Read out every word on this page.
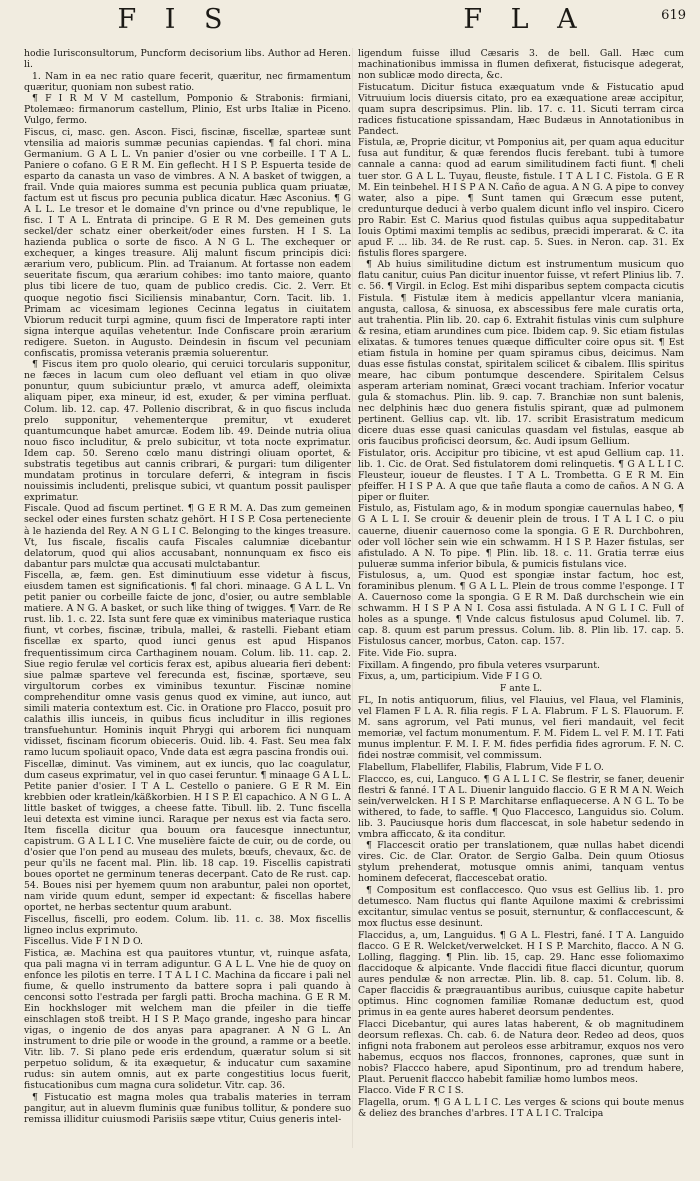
F I S	F L A	619

hodie Iurisconsultorum, Puncform decisorium libs. Author ad Heren. li.

1. Nam in ea nec ratio quare fecerit, quæritur, nec firmamentum quæritur, quoniam non subest ratio.

¶ F I R M V M castellum, Pomponio & Strabonis: firmiani, Ptolemæo: firmanorum castellum, Plinio, Est urbs Italiæ in Piceno. Vulgo, fermo.

Fiscus, ci, masc. gen. Ascon. Fisci, fiscinæ, fiscellæ, sparteæ sunt vtensilia ad maioris summæ pecunias capiendas. ¶ fal chori. mina Germanium. G A L L. Vn panier d'osier ou vne corbeille. I T A L. Paniere o cofano. G E R M. Ein geflecht. H I S P. Espuerta teside de esparto da canasta un vaso de vimbres. A N. A basket of twiggen, a frail. Vnde quia maiores summa est pecunia publica quam priuatæ, factum est ut fiscus pro pecunia publica dicatur. Hæc Asconius. ¶ G A L L. Le tresor et le domaine d'vn prince ou d'vne republique, le fisc. I T A L. Entrata di principe. G E R M. Des gemeinen guts seckel/der schatz einer oberkeit/oder eines fursten. H I S. La hazienda publica o sorte de fisco. A N G L. The exchequer or exchequer, a kinges treasure. Alij malunt fiscum principis dici: ærarium vero, publicum. Plin. ad Traianum. At fortasse non eadem seueritate fiscum, qua ærarium cohibes: imo tanto maiore, quanto plus tibi licere de tuo, quam de publico credis. Cic. 2. Verr. Et quoque negotio fisci Siciliensis minabantur, Corn. Tacit. lib. 1. Primam ac vicesimam legiones Cecinna legatus in ciuitatem Vbiorum reducit turpi agmine, quum fisci de Imperatore rapti inter signa interque aquilas vehetentur. Inde Confiscare proin ærarium redigere. Sueton. in Augusto. Deindesin in fiscum vel pecuniam confiscatis, promissa veteranis præmia soluerentur.

¶ Fiscus item pro quolo oleario, qui ceruici torcularis supponitur, ne fæces in lacum cum oleo defluant vel etiam in quo olivæ ponuntur, quum subiciuntur prælo, vt amurca adeff, oleimixta aliquam piper, exa mineur, id est, exuder, & per vimina perfluat. Colum. lib. 12. cap. 47. Pollenio discribrat, & in quo fiscus includa prelo supponitur, vehementerque premitur, vt exuderet quantumcunque habet amurcæ. Eodem lib. 49. Deinde nutria oliua nouo fisco includitur, & prelo subicitur, vt tota nocte exprimatur. Idem cap. 50. Sereno cœlo manu distringi oliuam oportet, & substratis tegetibus aut cannis cribrari, & purgari: tum diligenter mundatam protinus in torculare deferri, & integram in fiscis nouissimis includenti, prelisque subici, vt quantum possit paulisper exprimatur.

Fiscale. Quod ad fiscum pertinet. ¶ G E R M. A. Das zum gemeinen seckel oder eines fursten schatz gehört. H I S P. Cosa perteneciente à le hazienda del Rey. A N G L I C. Belonging to the kinges treasure. Vt, Ius fiscale, fiscalis caufa Fiscales calumniæ dicebantur delatorum, quod qui alios accusabant, nonnunquam ex fisco eis dabantur pars mulctæ qua accusati mulctabantur.

Fiscella, æ, fæm. gen. Est diminutiuum esse videtur à fiscus, eiusdem tamen est significationis. ¶ fal chori. minaage. G A L L. Vn petit panier ou corbeille faicte de jonc, d'osier, ou autre semblable matiere. A N G. A basket, or such like thing of twigges. ¶ Varr. de Re rust. lib. 1. c. 22. Ista sunt fere quæ ex viminibus materiaque rustica fiunt, vt corbes, fiscinæ, tribula, mallei, & rastelli. Fiebant etiam fiscellæ ex sparto, quod iunci genus est apud Hispanos frequentissimum circa Carthaginem nouam. Colum. lib. 11. cap. 2. Siue regio ferulæ vel corticis ferax est, apibus aluearia fieri debent: siue palmæ sparteve vel ferecunda est, fiscinæ, sportæve, seu virgultorum corbes ex viminibus texuntur. Fiscinæ nomine comprehenditur omne vasis genus quod ex vimine, aut iunco, aut simili materia contextum est. Cic. in Oratione pro Flacco, posuit pro calathis illis iunceis, in quibus ficus includitur in illis regiones transfuehuntur. Hominis inquit Phrygi qui arborem fici nunquam vidisset, fiscinam ficorum obieceris. Ouid. lib. 4. Fast. Seu mea falx ramo lucum spoliauit opaco, Vnde data est ægra pascina frondis oui.

Fiscellæ, diminut. Vas viminem, aut ex iuncis, quo lac coagulatur, dum caseus exprimatur, vel in quo casei feruntur. ¶ minaage G A L L. Petite panier d'osier. I T A L. Cestello o paniere. G E R M. Ein krebbien oder kratlein/käßkorbien. H I S P. El capachico. A N G L. A little basket of twigges, a cheese fatte. Tibull. lib. 2. Tunc fiscella leui detexta est vimine iunci. Raraque per nexus est via facta sero. Item fiscella dicitur qua bouum ora faucesque innectuntur, capistrum. G A L L I C. Vne muselière faicte de cuir, ou de corde, ou d'osier que l'on pend au museau des mulets, bœufs, chevaux, &c. de peur qu'ils ne facent mal. Plin. lib. 18 cap. 19. Fiscellis capistrati boues oportet ne germinum teneras decerpant. Cato de Re rust. cap. 54. Boues nisi per hyemem quum non arabuntur, palei non oportet, nam viride quum edunt, semper id expectant: & fiscellas habere oportet, ne herbas sectentur quum arabunt.

Fiscellus, fiscelli, pro eodem. Colum. lib. 11. c. 38. Mox fiscellis ligneo inclus exprimuto.

Fiscellus. Vide F I N D O.

Fistica, æ. Machina est qua pauitores vtuntur, vt, ruinque asfata, qua pali magna vi in terram adiguntur. G A L L. Vne hie de quoy on enfonce les pilotis en terre. I T A L I C. Machina da ficcare i pali nel fiume, & quello instrumento da battere sopra i pali quando à cenconsi sotto l'estrada per fargli patti. Brocha machina. G E R M. Ein hockhsloger mit welchem man die pfeiler in die tieffe einschlagen stoß treibt. H I S P. Maço grande, ingesho para hincar vigas, o ingenio de dos anyas para apagraner. A N G L. An instrument to drie pile or woode in the ground, a ramme or a beetle. Vitr. lib. 7. Si plano pede eris erdendum, quæratur solum si sit perpetuo solidum, & ita exæquetur, & inducatur cum saxamine rudus: sin autem omnis, aut ex parte congestitius locus fuerit, fistucationibus cum magna cura solidetur. Vitr. cap. 36.

¶ Fistucatio est magna moles qua trabalis materies in terram pangitur, aut in aluevm fluminis quæ funibus tollitur, & pondere suo remissa illiditur cuiusmodi Parisiis sæpe vtitur, Cuius generis intel-

ligendum fuisse illud Cæsaris 3. de bell. Gall. Hæc cum machinationibus immissa in flumen defixerat, fistucisque adegerat, non sublicæ modo directa, &c.

Fistucatum. Dicitur fistuca exæquatum vnde & Fistucatio apud Vitruuium locis diuersis citato, pro ea exæquatione areæ accipitur, quam supra descripsimus. Plin. lib. 17. c. 11. Sicuti terram circa radices fistucatione spissandam, Hæc Budæus in Annotationibus in Pandect.

Fistula, æ, Proprie dicitur, vt Pomponius ait, per quam aqua educitur fusa aut funditur, & quæ ferendos flucis ferebant. tubi à tumore cannale a canna: quod ad earum similitudinem facti fiunt. ¶ cheli tuer stor. G A L L. Tuyau, fleuste, fistule. I T A L I C. Fistola. G E R M. Ein teinbehel. H I S P A N. Caño de agua. A N G. A pipe to convey water, also a pipe. ¶ Sunt tamen qui Græcum esse putent, credunturque deduci à verbo qualem dicunt inflo vel inspiro. Cicero pro Rabir. Est C. Marius quod fistulas quibus aqua suppeditabatur Iouis Optimi maximi templis ac sedibus, præcidi imperarat. & C. ita apud F. ... lib. 34. de Re rust. cap. 5. Sues. in Neron. cap. 31. Ex fistulis flores spargere.

¶ Ab huius similitudine dictum est instrumentum musicum quo flatu canitur, cuius Pan dicitur inuentor fuisse, vt refert Plinius lib. 7. c. 56. ¶ Virgil. in Eclog. Est mihi disparibus septem compacta cicutis Fistula. ¶ Fistulæ item à medicis appellantur vlcera maniania, angusta, callosa, & sinuosa, ex abscessibus fere male curatis orta, aut trahentia. Plin lib. 20. cap 6. Extrahit fistulas vinis cum sulphure & resina, etiam arundines cum pice. Ibidem cap. 9. Sic etiam fistulas elixatas. & tumores tenues quæque difficulter coire opus sit. ¶ Est etiam fistula in homine per quam spiramus cibus, deicimus. Nam duas esse fistulas constat, spiritalem scilicet & cibalem. Illis spiritus meare, hac cibum pontumque descendere. Spiritalem Celsus asperam arteriam nominat, Græci vocant trachiam. Inferior vocatur gula & stomachus. Plin. lib. 9. cap. 7. Branchiæ non sunt balenis, nec delphinis hæc duo genera fistulis spirant, quæ ad pulmonem pertinent. Gellius cap. vlt. lib. 17. scribit Erasistratum medicum dicere duas esse quasi caniculas quasdam vel fistulas, easque ab oris faucibus proficisci deorsum, &c. Audi ipsum Gellium.

Fistulator, oris. Accipitur pro tibicine, vt est apud Gellium cap. 11. lib. 1. Cic. de Orat. Sed fistulatorem domi relinquetis. ¶ G A L L I C. Fleusteur, ioueur de fleustes. I T A L. Trombetta. G E R M. Ein pfeiffer. H I S P A. A que que tañe flauta a como de caños. A N G. A piper or fluiter.

Fistulo, as, Fistulam ago, & in modum spongiæ cauernulas habeo, ¶ G A L L I. Se crouir & deuenir plein de trous. I T A L I C. o piu cauerne, diuenir cauernoso come la spongia. G E R. Durchbohren, oder voll löcher sein wie ein schwamm. H I S P. Hazer fistulas, ser afistulado. A N. To pipe. ¶ Plin. lib. 18. c. 11. Gratia terræ eius pulueræ summa inferior bibula, & pumicis fistulans vice.

Fistulosus, a, um. Quod est spongiæ instar factum, hoc est, foraminibus plenum. ¶ G A L L. Plein de trous comme l'esponge. I T A. Cauernoso come la spongia. G E R M. Daß durchschein wie ein schwamm. H I S P A N I. Cosa assi fistulada. A N G L I C. Full of holes as a spunge. ¶ Vnde calcus fistulosus apud Columel. lib. 7. cap. 8. quum est parum pressus. Colum. lib. 8. Plin lib. 17. cap. 5. Fistulosus cancer, morbus, Caton. cap. 157.

Fite. Vide Fio. supra.

Fixillam. A fingendo, pro fibula veteres vsurparunt.

Fixus, a, um, participium. Vide F I G O.

F ante L.

FL, In notis antiquorum, filius, vel Flauius, vel Flaua, vel Flaminis, vel Flamen F L A. R. filia regis. F L A. Flabrum. F L S. Flauorum. F. M. sans agrorum, vel Pati munus, vel fieri mandauit, vel fecit memoriæ, vel factum monumentum. F. M. Fidem L. vel F. M. I T. Fati munus implentur. F. M. I. F. M. fides perfidia fides agrorum. F. N. C. fidei nostræ commisit, vel commissum.

Flabellum, Flabellifer, Flabilis, Flabrum, Vide F L O.

Flaccco, es, cui, Languco. ¶ G A L L I C. Se flestrir, se faner, deuenir flestri & fanné. I T A L. Diuenir languido flaccio. G E R M A N. Weich sein/verwelcken. H I S P. Marchitarse enflaquecerse. A N G L. To be withered, to fade, to saffle. ¶ Quo Flaccesco, Languidus sio. Colum. lib. 3. Pauciusque horis dum flaccescat, in sole habetur sedendo in vmbra afficcato, & ita conditur.

¶ Flaccescit oratio per translationem, quæ nullas habet dicendi vires. Cic. de Clar. Orator. de Sergio Galba. Dein quum Otiosus stylum prehenderat, motusque omnis animi, tanquam ventus hominem defecerat, flaccescebat oratio.

¶ Compositum est conflaccesco. Quo vsus est Gellius lib. 1. pro detumesco. Nam fluctus qui flante Aquilone maximi & crebrissimi excitantur, simulac ventus se posuit, sternuntur, & conflaccescunt, & mox fluctus esse desinunt.

Flaccidus, a, um, Languidus. ¶ G A L. Flestri, fané. I T A. Languido flacco. G E R. Welcket/verwelcket. H I S P. Marchito, flacco. A N G. Lolling, flagging. ¶ Plin. lib. 15, cap. 29. Hanc esse foliomaximo flaccidoque & alpicante. Vnde flaccidi fitue flacci dicuntur, quorum aures pendulæ & non arrectæ. Plin. lib. 8. cap. 51. Colum. lib. 8. Caper flaccidis & prægrauantibus auribus, cuiusque capite habetur optimus. Hinc cognomen familiæ Romanæ deductum est, quod primus in ea gente aures haberet deorsum pendentes.

Flacci Dicebantur, qui aures latas haberent, & ob magnitudinem deorsum reflexas. Ch. cab. 6. de Natura deor. Redeo ad deos, quos infigni nota frabonem aut peroleos esse arbitramur, exquos nos vero habemus, ecquos nos flaccos, fronnones, caprones, quæ sunt in nobis? Flaccco habere, apud Sipontinum, pro ad trendum habere, Plaut. Peruenit flaccco habebit familiæ homo lumbos meos.

Flacco. Vide F R C I S.

Flagella, orum. ¶ G A L L I C. Les verges & scions qui boute menus & deliez des branches d'arbres. I T A L I C. Tralcipa
